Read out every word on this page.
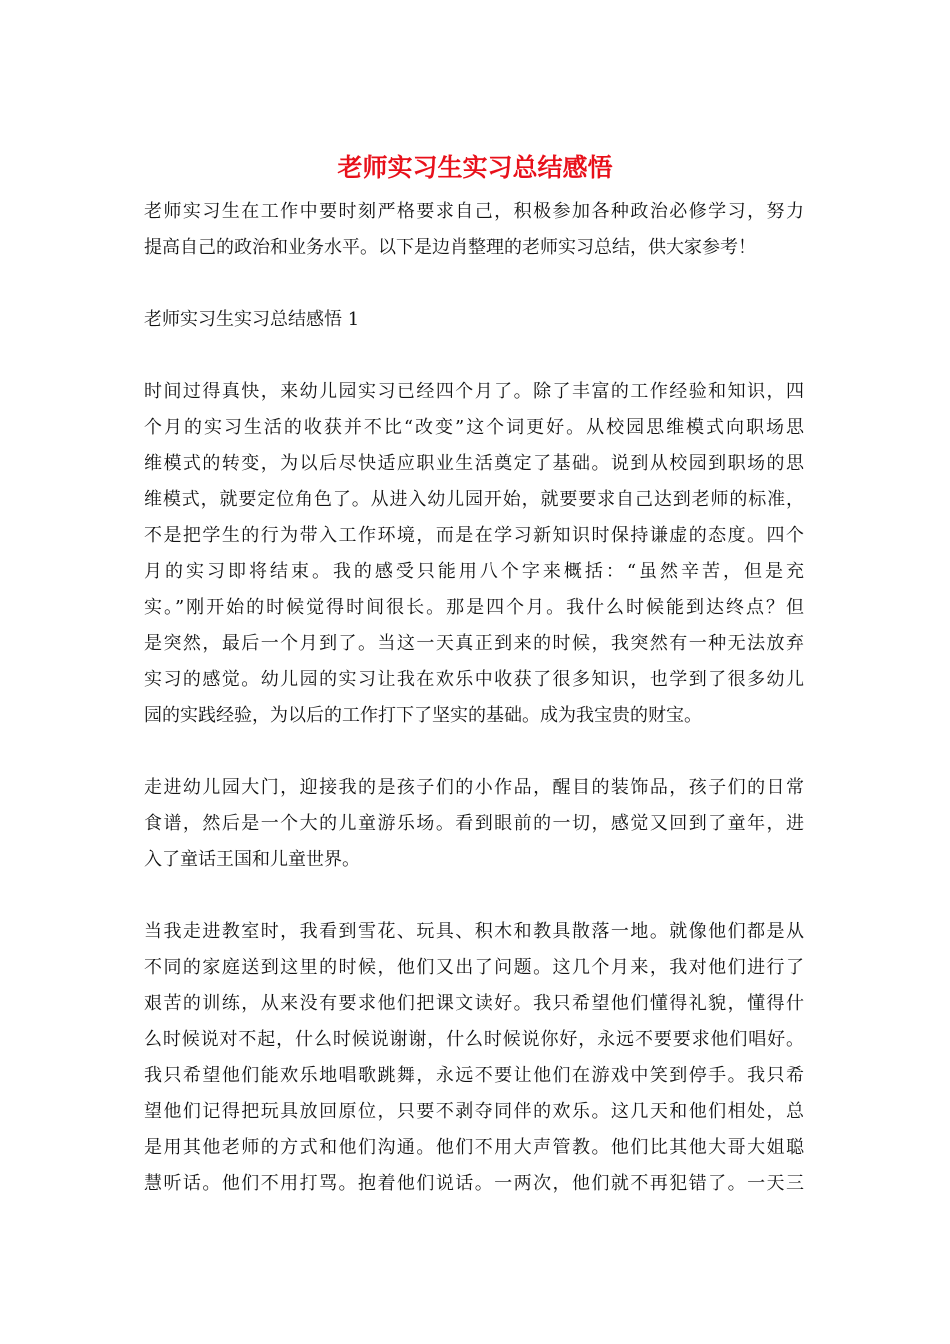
老师实习生实习总结感悟

老师实习生在工作中要时刻严格要求自己，积极参加各种政治必修学习，努力
提高自己的政治和业务水平。以下是边肖整理的老师实习总结，供大家参考！

老师实习生实习总结感悟 1

时间过得真快，来幼儿园实习已经四个月了。除了丰富的工作经验和知识，四
个月的实习生活的收获并不比“改变”这个词更好。从校园思维模式向职场思
维模式的转变，为以后尽快适应职业生活奠定了基础。说到从校园到职场的思
维模式，就要定位角色了。从进入幼儿园开始，就要要求自己达到老师的标准，
不是把学生的行为带入工作环境，而是在学习新知识时保持谦虚的态度。四个
月的实习即将结束。我的感受只能用八个字来概括：“虽然辛苦，但是充
实。”刚开始的时候觉得时间很长。那是四个月。我什么时候能到达终点？但
是突然，最后一个月到了。当这一天真正到来的时候，我突然有一种无法放弃
实习的感觉。幼儿园的实习让我在欢乐中收获了很多知识，也学到了很多幼儿
园的实践经验，为以后的工作打下了坚实的基础。成为我宝贵的财宝。

走进幼儿园大门，迎接我的是孩子们的小作品，醒目的装饰品，孩子们的日常
食谱，然后是一个大的儿童游乐场。看到眼前的一切，感觉又回到了童年，进
入了童话王国和儿童世界。

当我走进教室时，我看到雪花、玩具、积木和教具散落一地。就像他们都是从
不同的家庭送到这里的时候，他们又出了问题。这几个月来，我对他们进行了
艰苦的训练，从来没有要求他们把课文读好。我只希望他们懂得礼貌，懂得什
么时候说对不起，什么时候说谢谢，什么时候说你好，永远不要要求他们唱好。
我只希望他们能欢乐地唱歌跳舞，永远不要让他们在游戏中笑到停手。我只希
望他们记得把玩具放回原位，只要不剥夺同伴的欢乐。这几天和他们相处，总
是用其他老师的方式和他们沟通。他们不用大声管教。他们比其他大哥大姐聪
慧听话。他们不用打骂。抱着他们说话。一两次，他们就不再犯错了。一天三
